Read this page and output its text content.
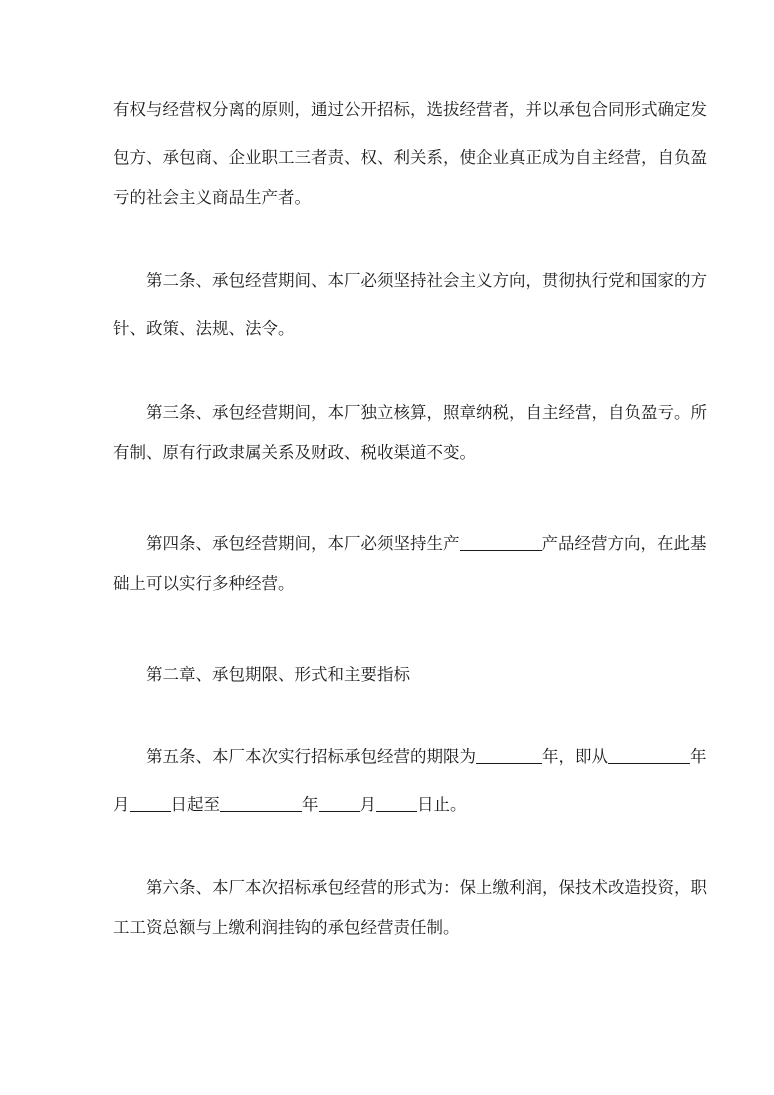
有权与经营权分离的原则，通过公开招标，选拔经营者，并以承包合同形式确定发
包方、承包商、企业职工三者责、权、利关系，使企业真正成为自主经营，自负盈
亏的社会主义商品生产者。
第二条、承包经营期间、本厂必须坚持社会主义方向，贯彻执行党和国家的方
针、政策、法规、法令。
第三条、承包经营期间，本厂独立核算，照章纳税，自主经营，自负盈亏。所
有制、原有行政隶属关系及财政、税收渠道不变。
第四条、承包经营期间，本厂必须坚持生产	产品经营方向，在此基
础上可以实行多种经营。
第二章、承包期限、形式和主要指标
第五条、本厂本次实行招标承包经营的期限为	年，即从	年
月 日起至	年 月 日止。
第六条、本厂本次招标承包经营的形式为：保上缴利润，保技术改造投资，职
工工资总额与上缴利润挂钩的承包经营责任制。
